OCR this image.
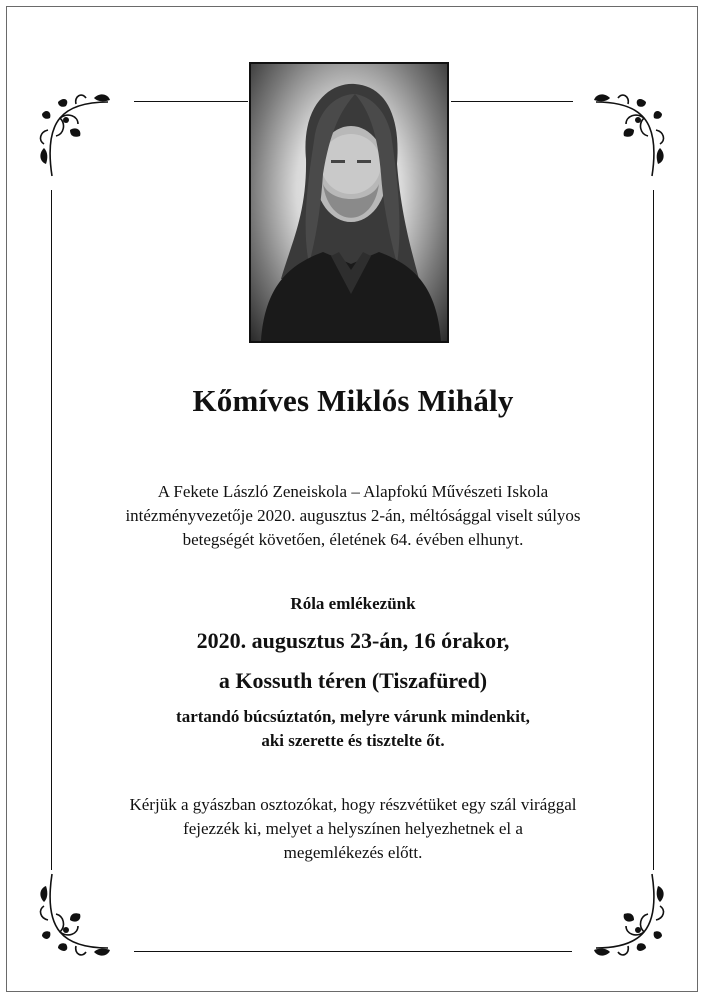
Kőmíves Miklós Mihály
A Fekete László Zeneiskola – Alapfokú Művészeti Iskola
intézményvezetője 2020. augusztus 2-án, méltósággal viselt súlyos
betegségét követően, életének 64. évében elhunyt.
Róla emlékezünk
2020. augusztus 23-án, 16 órakor,
a Kossuth téren (Tiszafüred)
tartandó búcsúztatón, melyre várunk mindenkit,
aki szerette és tisztelte őt.
Kérjük a gyászban osztozókat, hogy részvétüket egy szál virággal
fejezzék ki, melyet a helyszínen helyezhetnek el a
megemlékezés előtt.
